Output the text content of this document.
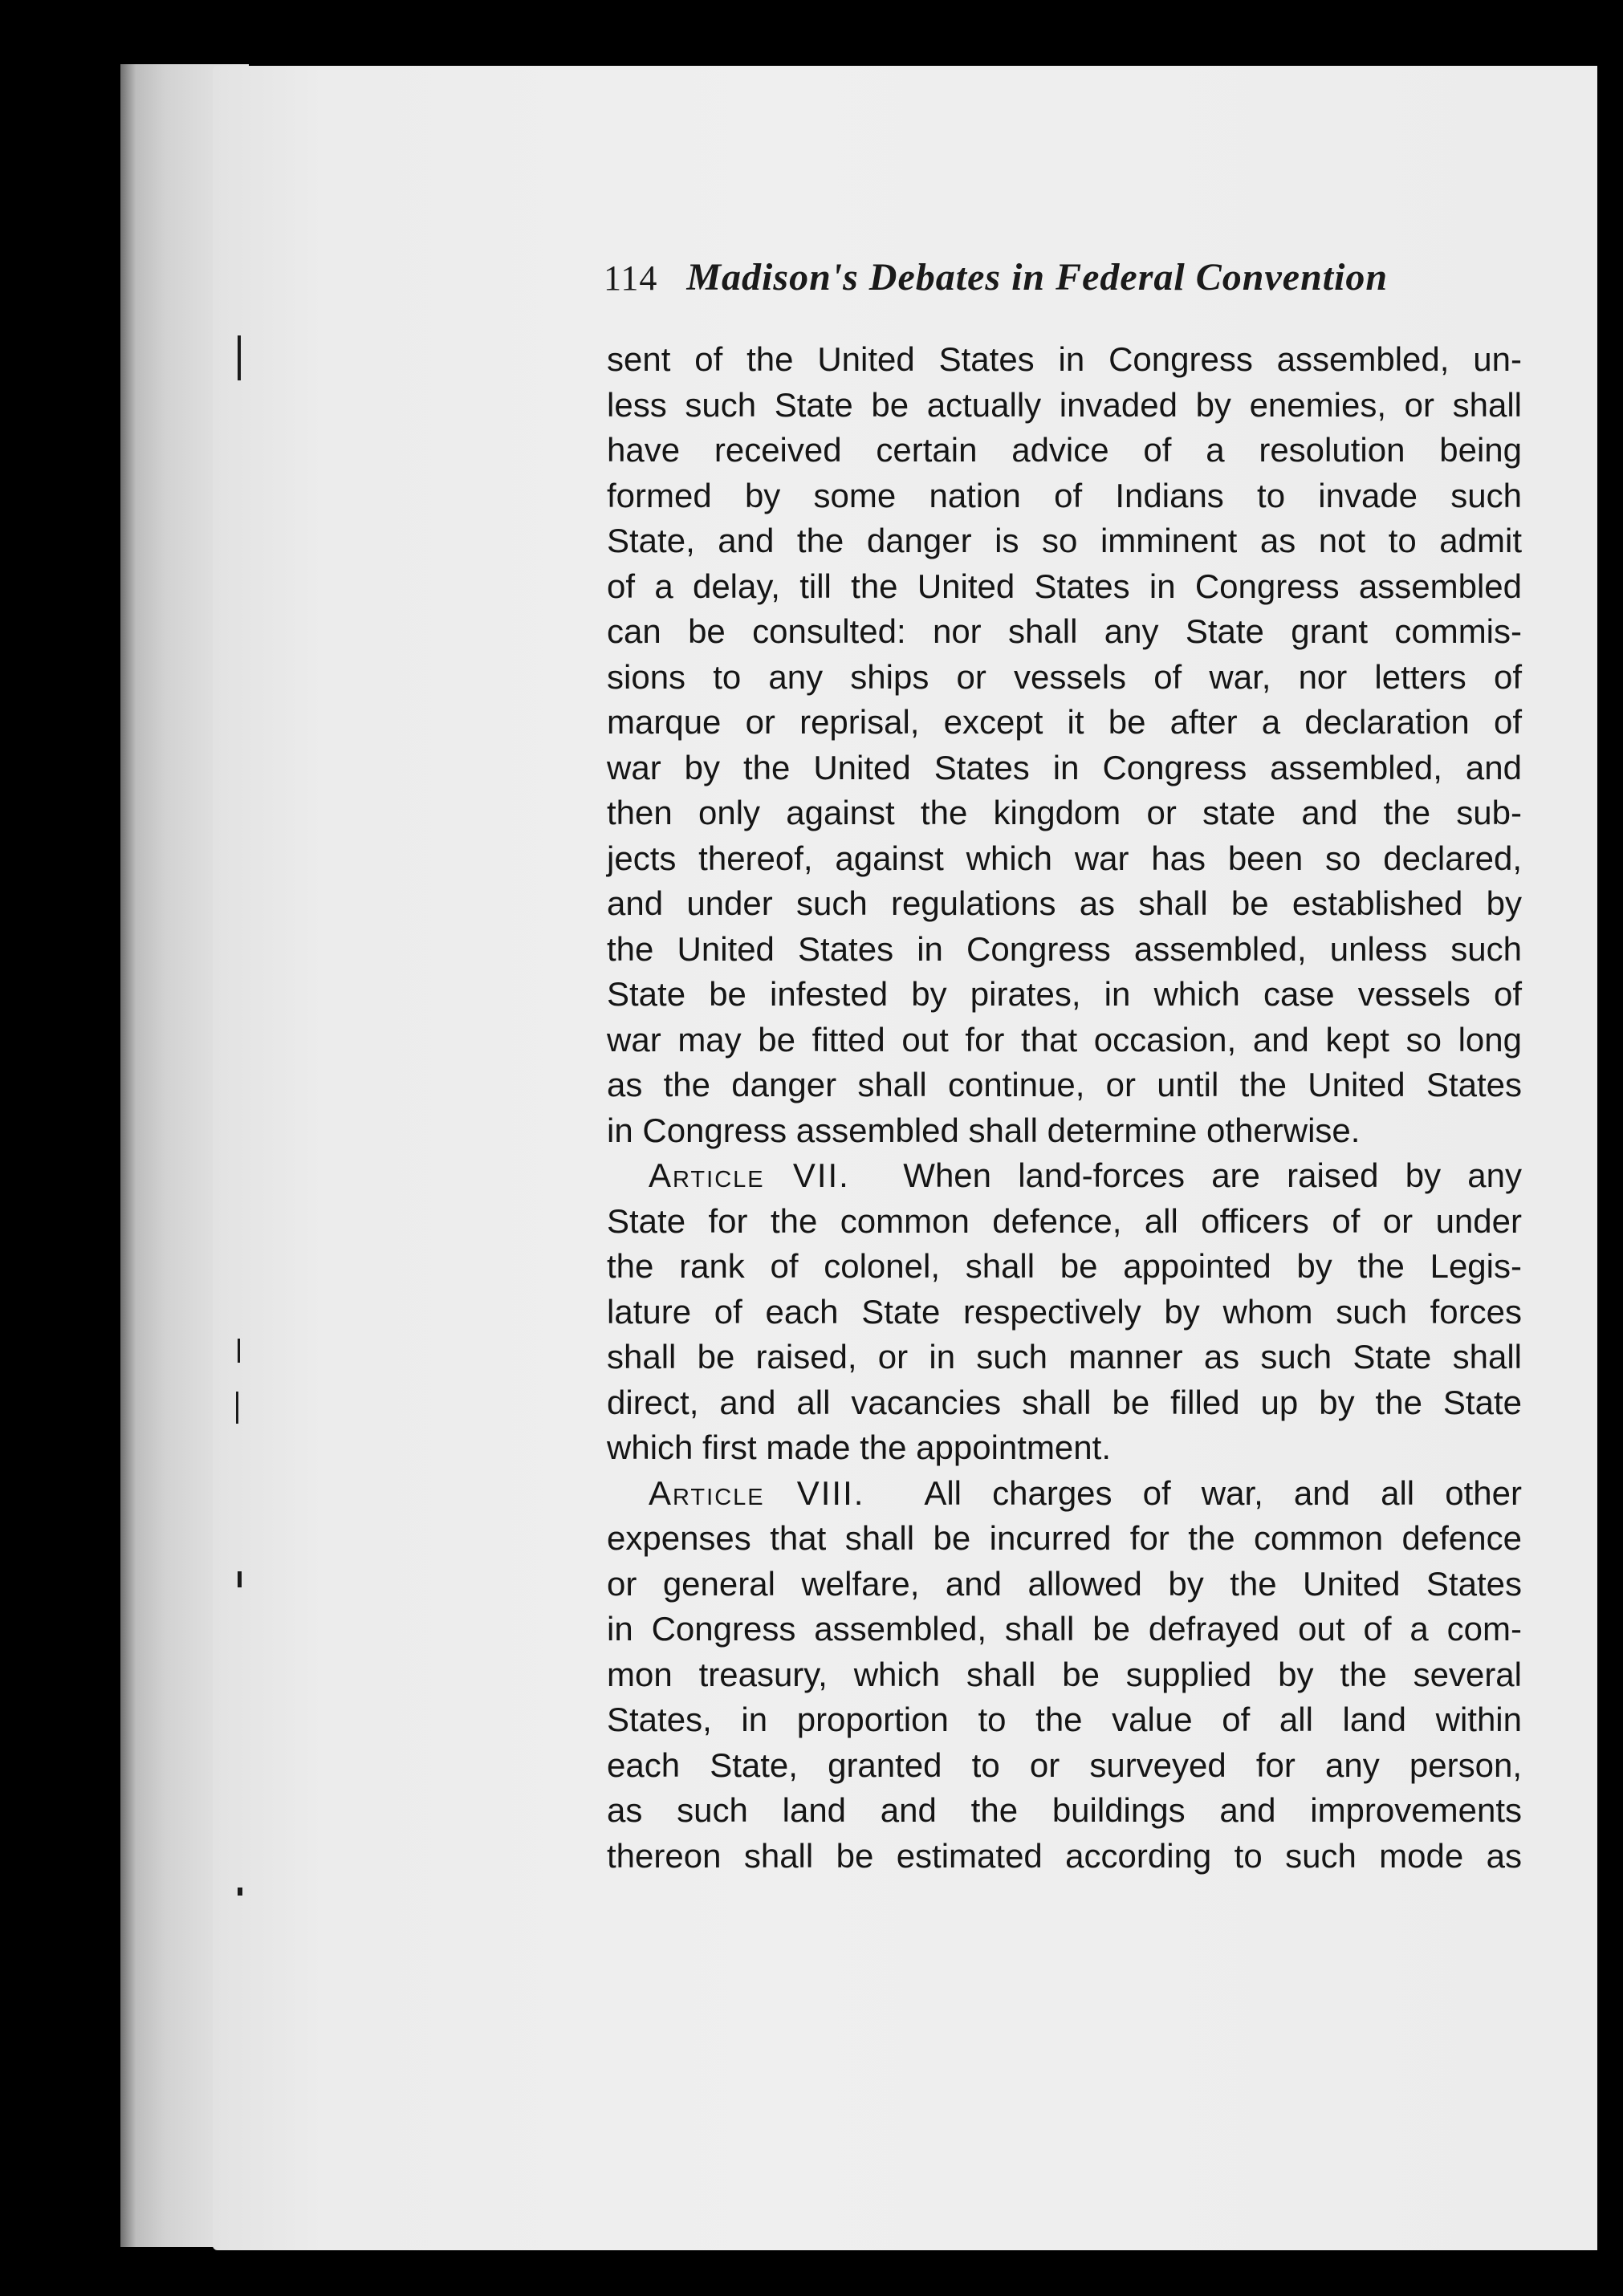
114 Madison's Debates in Federal Convention
sent of the United States in Congress assembled, un-
less such State be actually invaded by enemies, or shall
have received certain advice of a resolution being
formed by some nation of Indians to invade such
State, and the danger is so imminent as not to admit
of a delay, till the United States in Congress assembled
can be consulted: nor shall any State grant commis-
sions to any ships or vessels of war, nor letters of
marque or reprisal, except it be after a declaration of
war by the United States in Congress assembled, and
then only against the kingdom or state and the sub-
jects thereof, against which war has been so declared,
and under such regulations as shall be established by
the United States in Congress assembled, unless such
State be infested by pirates, in which case vessels of
war may be fitted out for that occasion, and kept so long
as the danger shall continue, or until the United States
in Congress assembled shall determine otherwise.
Article VII. When land-forces are raised by any
State for the common defence, all officers of or under
the rank of colonel, shall be appointed by the Legis-
lature of each State respectively by whom such forces
shall be raised, or in such manner as such State shall
direct, and all vacancies shall be filled up by the State
which first made the appointment.
Article VIII. All charges of war, and all other
expenses that shall be incurred for the common defence
or general welfare, and allowed by the United States
in Congress assembled, shall be defrayed out of a com-
mon treasury, which shall be supplied by the several
States, in proportion to the value of all land within
each State, granted to or surveyed for any person,
as such land and the buildings and improvements
thereon shall be estimated according to such mode as
